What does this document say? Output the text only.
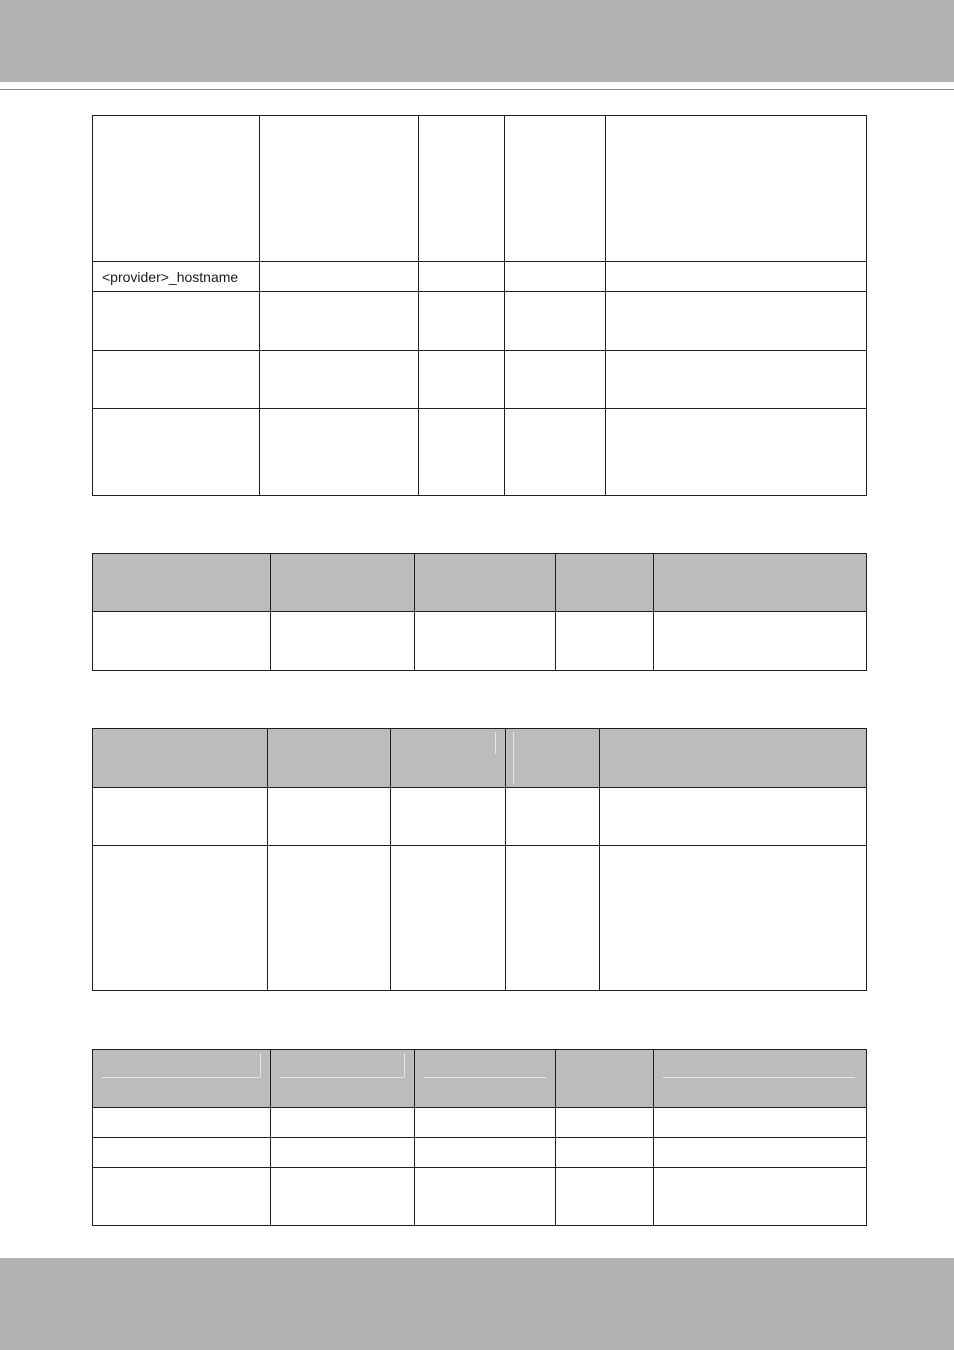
<provider>_hostname				
